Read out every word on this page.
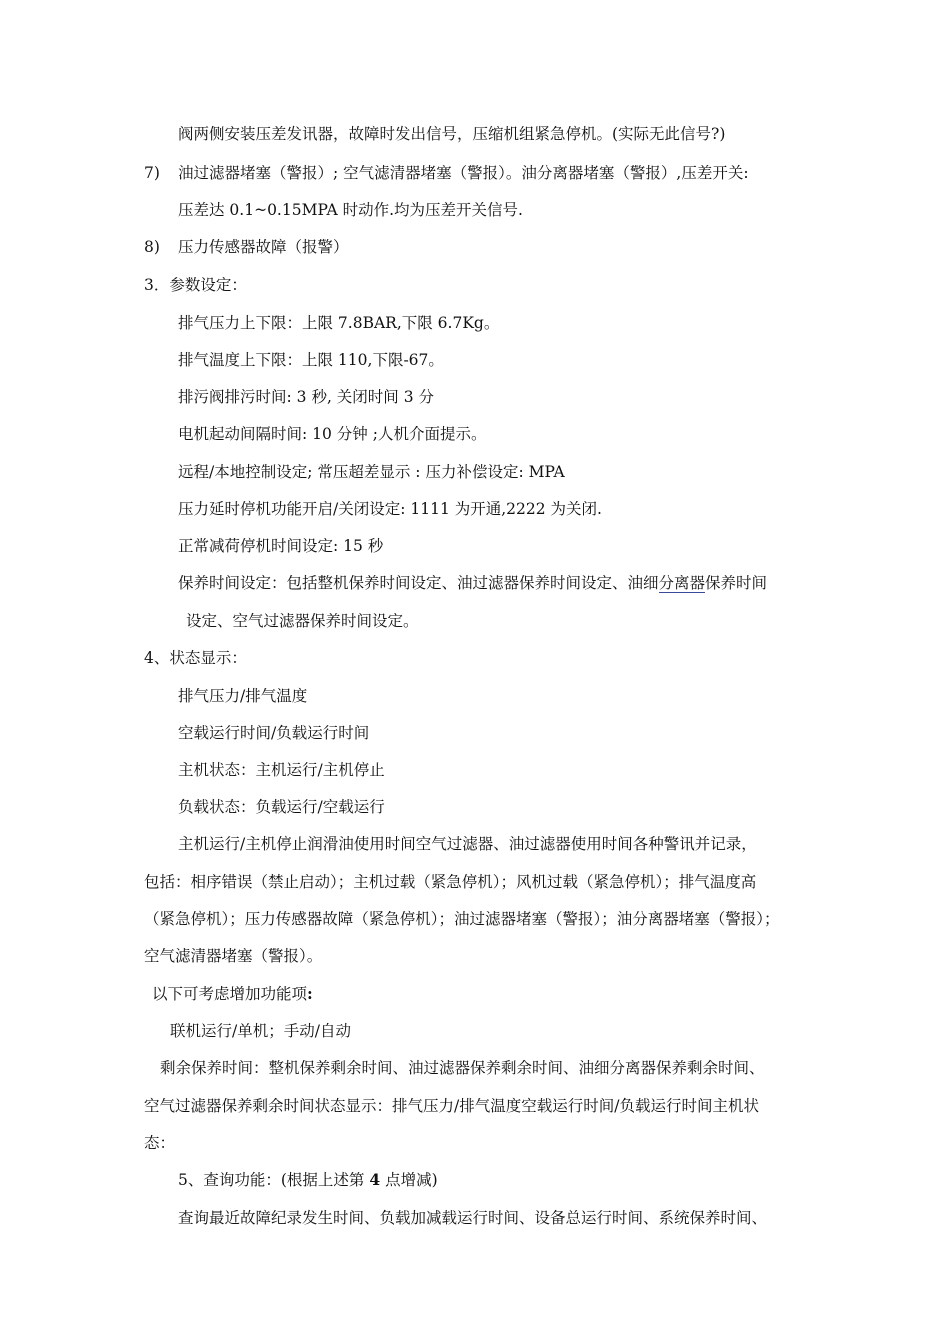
阀两侧安装压差发讯器，故障时发出信号，压缩机组紧急停机。(实际无此信号?)
7) 油过滤器堵塞（警报）; 空气滤清器堵塞（警报）。油分离器堵塞（警报）,压差开关:
压差达 0.1~0.15MPA 时动作.均为压差开关信号.
8) 压力传感器故障（报警）
3．参数设定：
排气压力上下限：上限 7.8BAR,下限 6.7Kg。
排气温度上下限：上限 110,下限-67。
排污阀排污时间: 3 秒, 关闭时间 3 分
电机起动间隔时间: 10 分钟 ;人机介面提示。
远程/本地控制设定; 常压超差显示 : 压力补偿设定: MPA
压力延时停机功能开启/关闭设定: 1111 为开通,2222 为关闭.
正常减荷停机时间设定: 15 秒
保养时间设定：包括整机保养时间设定、油过滤器保养时间设定、油细分离器保养时间
设定、空气过滤器保养时间设定。
4、状态显示：
排气压力/排气温度
空载运行时间/负载运行时间
主机状态：主机运行/主机停止
负载状态：负载运行/空载运行
主机运行/主机停止润滑油使用时间空气过滤器、油过滤器使用时间各种警讯并记录，
包括：相序错误（禁止启动）；主机过载（紧急停机）；风机过载（紧急停机）；排气温度高
（紧急停机）；压力传感器故障（紧急停机）；油过滤器堵塞（警报）；油分离器堵塞（警报）；
空气滤清器堵塞（警报）。
以下可考虑增加功能项:
联机运行/单机；手动/自动
剩余保养时间：整机保养剩余时间、油过滤器保养剩余时间、油细分离器保养剩余时间、
空气过滤器保养剩余时间状态显示：排气压力/排气温度空载运行时间/负载运行时间主机状
态：
5、查询功能：(根据上述第 4 点增减)
查询最近故障纪录发生时间、负载加减载运行时间、设备总运行时间、系统保养时间、
